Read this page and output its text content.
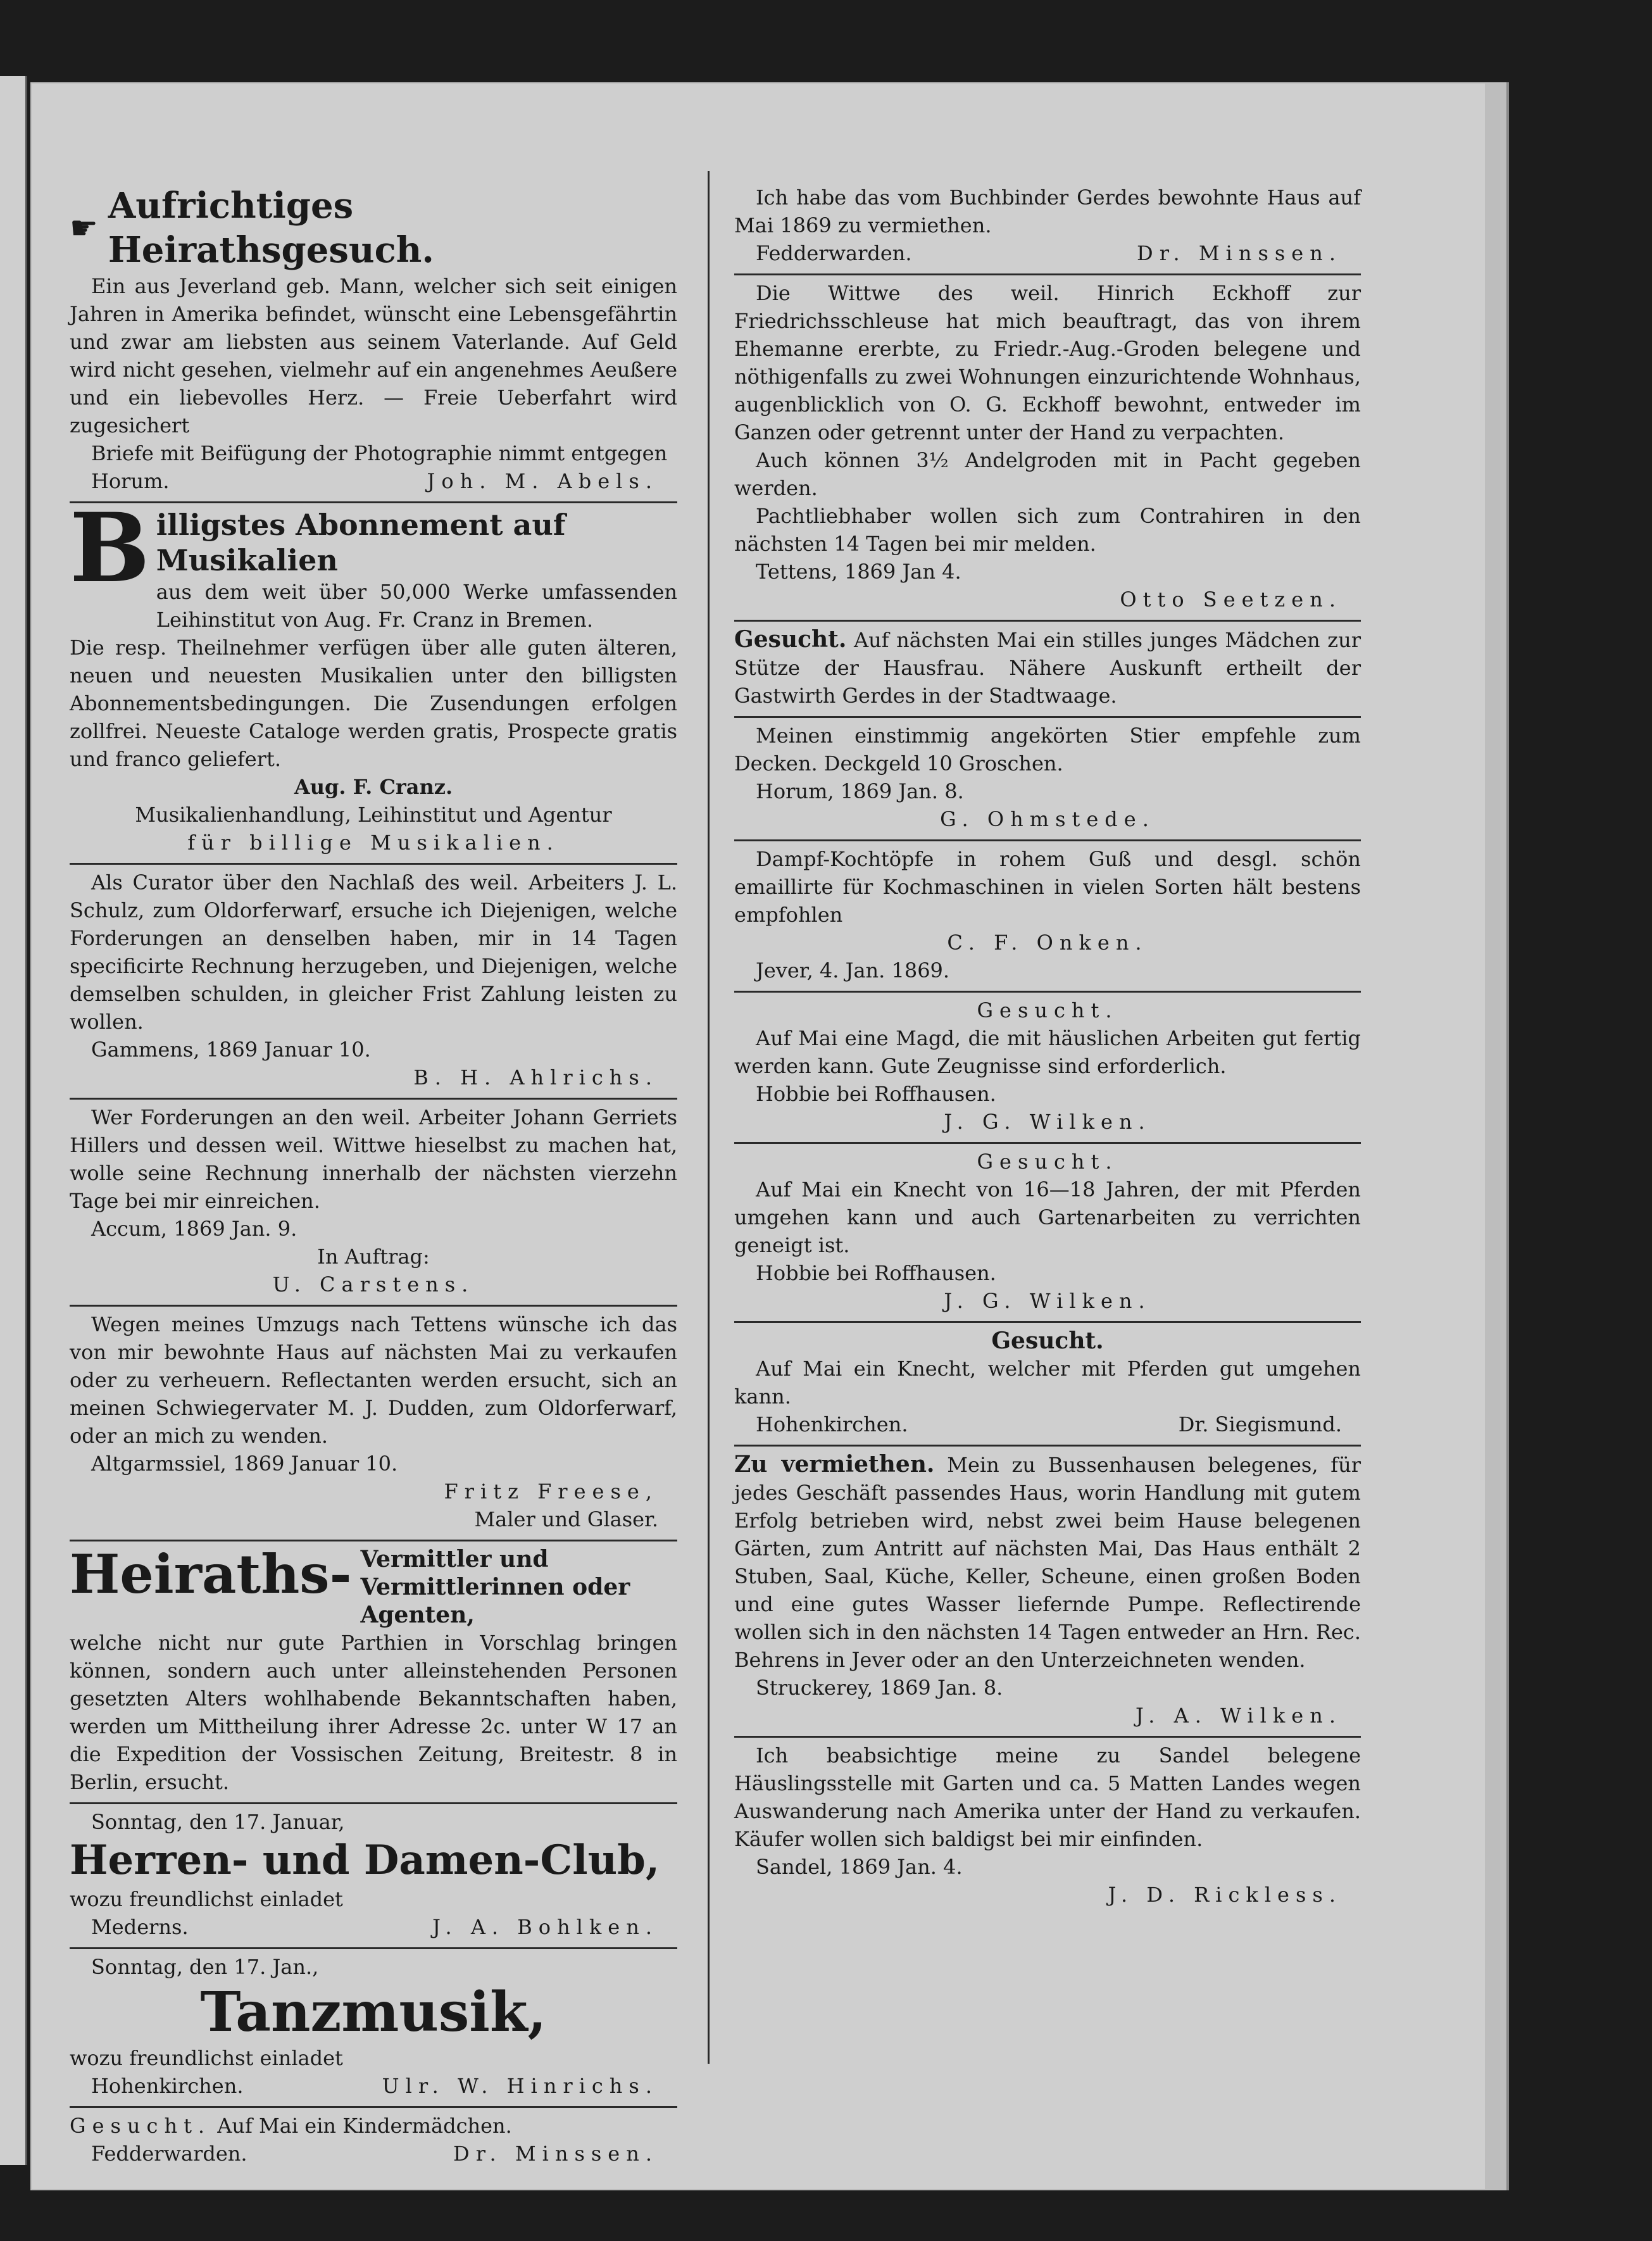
☛
Aufrichtiges Heirathsgesuch.

Ein aus Jeverland geb. Mann, welcher sich seit einigen Jahren in Amerika befindet, wünscht eine Lebensgefährtin und zwar am liebsten aus seinem Vaterlande. Auf Geld wird nicht gesehen, vielmehr auf ein angenehmes Aeußere und ein liebevolles Herz. — Freie Ueberfahrt wird zugesichert

Briefe mit Beifügung der Photographie nimmt entgegen

Horum.	Joh. M. Abels.
B illigstes Abonnement auf Musikalien

aus dem weit über 50,000 Werke umfassenden Leihinstitut von Aug. Fr. Cranz in Bremen.

Die resp. Theilnehmer verfügen über alle guten älteren, neuen und neuesten Musikalien unter den billigsten Abonnementsbedingungen. Die Zusendungen erfolgen zollfrei. Neueste Cataloge werden gratis, Prospecte gratis und franco geliefert.

Aug. F. Cranz.
Musikalienhandlung, Leihinstitut und Agentur
für billige Musikalien.

Als Curator über den Nachlaß des weil. Arbeiters J. L. Schulz, zum Oldorferwarf, ersuche ich Diejenigen, welche Forderungen an denselben haben, mir in 14 Tagen specificirte Rechnung herzugeben, und Diejenigen, welche demselben schulden, in gleicher Frist Zahlung leisten zu wollen.

Gammens, 1869 Januar 10.

B. H. Ahlrichs.

Wer Forderungen an den weil. Arbeiter Johann Gerriets Hillers und dessen weil. Wittwe hieselbst zu machen hat, wolle seine Rechnung innerhalb der nächsten vierzehn Tage bei mir einreichen.

Accum, 1869 Jan. 9.

In Auftrag:
U. Carstens.

Wegen meines Umzugs nach Tettens wünsche ich das von mir bewohnte Haus auf nächsten Mai zu verkaufen oder zu verheuern. Reflectanten werden ersucht, sich an meinen Schwiegervater M. J. Dudden, zum Oldorferwarf, oder an mich zu wenden.

Altgarmssiel, 1869 Januar 10.

Fritz Freese,
Maler und Glaser.
Heiraths- Vermittler und Vermittlerinnen oder Agenten,

welche nicht nur gute Parthien in Vorschlag bringen können, sondern auch unter alleinstehenden Personen gesetzten Alters wohlhabende Bekanntschaften haben, werden um Mittheilung ihrer Adresse 2c. unter W 17 an die Expedition der Vossischen Zeitung, Breitestr. 8 in Berlin, ersucht.

Sonntag, den 17. Januar,

Herren- und Damen-Club,

wozu freundlichst einladet

Mederns.	J. A. Bohlken.

Sonntag, den 17. Jan.,

Tanzmusik,

wozu freundlichst einladet

Hohenkirchen.	Ulr. W. Hinrichs.

Gesucht. Auf Mai ein Kindermädchen.

Fedderwarden.	Dr. Minssen.

Ich habe das vom Buchbinder Gerdes bewohnte Haus auf Mai 1869 zu vermiethen.

Fedderwarden.	Dr. Minssen.

Die Wittwe des weil. Hinrich Eckhoff zur Friedrichsschleuse hat mich beauftragt, das von ihrem Ehemanne ererbte, zu Friedr.-Aug.-Groden belegene und nöthigenfalls zu zwei Wohnungen einzurichtende Wohnhaus, augenblicklich von O. G. Eckhoff bewohnt, entweder im Ganzen oder getrennt unter der Hand zu verpachten.

Auch können 3½ Andelgroden mit in Pacht gegeben werden.

Pachtliebhaber wollen sich zum Contrahiren in den nächsten 14 Tagen bei mir melden.

Tettens, 1869 Jan 4.

Otto Seetzen.

Gesucht. Auf nächsten Mai ein stilles junges Mädchen zur Stütze der Hausfrau. Nähere Auskunft ertheilt der Gastwirth Gerdes in der Stadtwaage.

Meinen einstimmig angekörten Stier empfehle zum Decken. Deckgeld 10 Groschen.

Horum, 1869 Jan. 8.

G. Ohmstede.

Dampf-Kochtöpfe in rohem Guß und desgl. schön emaillirte für Kochmaschinen in vielen Sorten hält bestens empfohlen

C. F. Onken.

Jever, 4. Jan. 1869.

Gesucht.

Auf Mai eine Magd, die mit häuslichen Arbeiten gut fertig werden kann. Gute Zeugnisse sind erforderlich.

Hobbie bei Roffhausen.

J. G. Wilken.
Gesucht.

Auf Mai ein Knecht von 16—18 Jahren, der mit Pferden umgehen kann und auch Gartenarbeiten zu verrichten geneigt ist.

Hobbie bei Roffhausen.

J. G. Wilken.
Gesucht.

Auf Mai ein Knecht, welcher mit Pferden gut umgehen kann.

Hohenkirchen.	Dr. Siegismund.

Zu vermiethen. Mein zu Bussenhausen belegenes, für jedes Geschäft passendes Haus, worin Handlung mit gutem Erfolg betrieben wird, nebst zwei beim Hause belegenen Gärten, zum Antritt auf nächsten Mai, Das Haus enthält 2 Stuben, Saal, Küche, Keller, Scheune, einen großen Boden und eine gutes Wasser liefernde Pumpe. Reflectirende wollen sich in den nächsten 14 Tagen entweder an Hrn. Rec. Behrens in Jever oder an den Unterzeichneten wenden.

Struckerey, 1869 Jan. 8.

J. A. Wilken.

Ich beabsichtige meine zu Sandel belegene Häuslingsstelle mit Garten und ca. 5 Matten Landes wegen Auswanderung nach Amerika unter der Hand zu verkaufen. Käufer wollen sich baldigst bei mir einfinden.

Sandel, 1869 Jan. 4.

J. D. Rickless.
